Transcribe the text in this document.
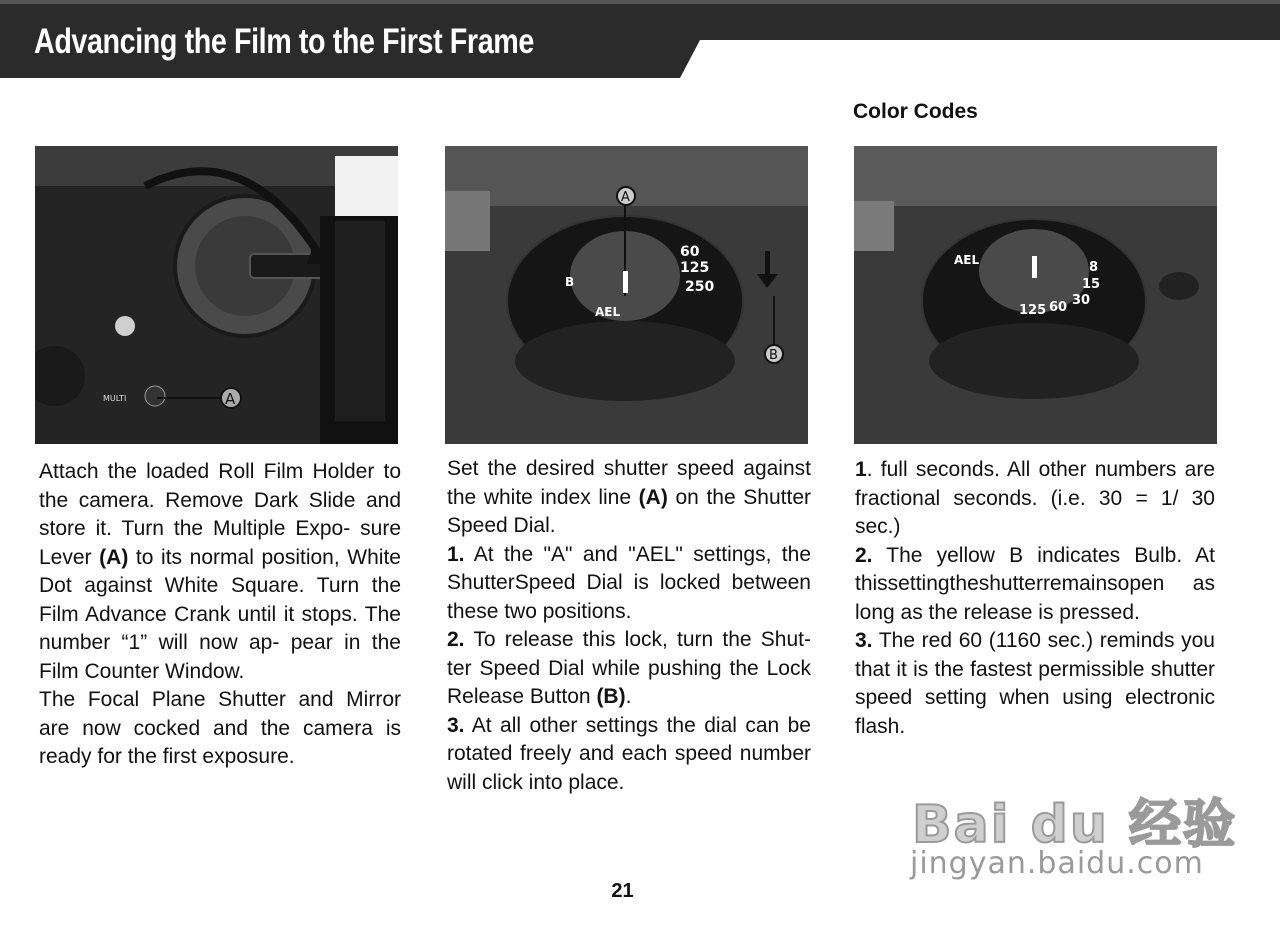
Advancing the Film to the First Frame
Color Codes
MULTI	A
A
125
250
60
AEL
B
B
8
15
30
AEL
125 60

Attach the loaded Roll Film Holder to the camera. Remove Dark Slide and store it. Turn the Multiple Expo- sure Lever (A) to its normal position, White Dot against White Square. Turn the Film Advance Crank until it stops. The number “1” will now ap- pear in the Film Counter Window.

The Focal Plane Shutter and Mirror are now cocked and the camera is ready for the first exposure.

Set the desired shutter speed against the white index line (A) on the Shutter Speed Dial.

1. At the "A" and "AEL" settings, the ShutterSpeed Dial is locked between these two positions.

2. To release this lock, turn the Shut- ter Speed Dial while pushing the Lock Release Button (B).

3. At all other settings the dial can be rotated freely and each speed number will click into place.

1. full seconds. All other numbers are fractional seconds. (i.e. 30 = 1/ 30 sec.)

2. The yellow B indicates Bulb. At thissettingtheshutterremainsopen as long as the release is pressed.

3. The red 60 (1160 sec.) reminds you that it is the fastest permissible shutter speed setting when using electronic flash.

Bai du 经验
jingyan.baidu.com
21
